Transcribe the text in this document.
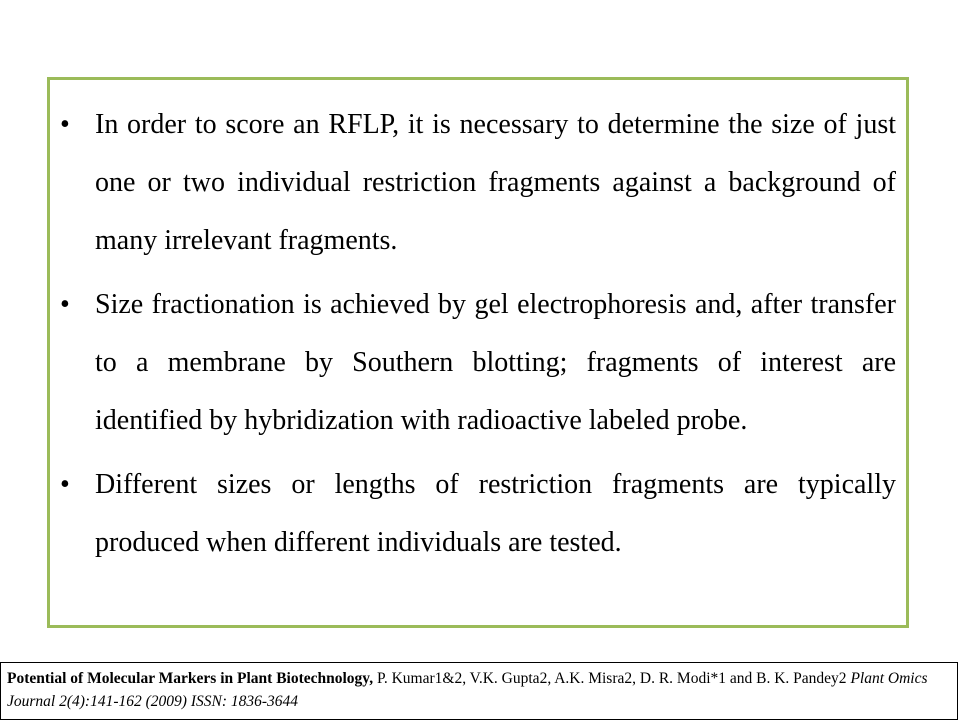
• In order to score an RFLP, it is necessary to determine the size of just one or two individual restriction fragments against a background of many irrelevant fragments.
• Size fractionation is achieved by gel electrophoresis and, after transfer to a membrane by Southern blotting; fragments of interest are identified by hybridization with radioactive labeled probe.
• Different sizes or lengths of restriction fragments are typically produced when different individuals are tested.
Potential of Molecular Markers in Plant Biotechnology, P. Kumar1&2, V.K. Gupta2, A.K. Misra2, D. R. Modi*1 and B. K. Pandey2 Plant Omics Journal 2(4):141-162 (2009) ISSN: 1836-3644
